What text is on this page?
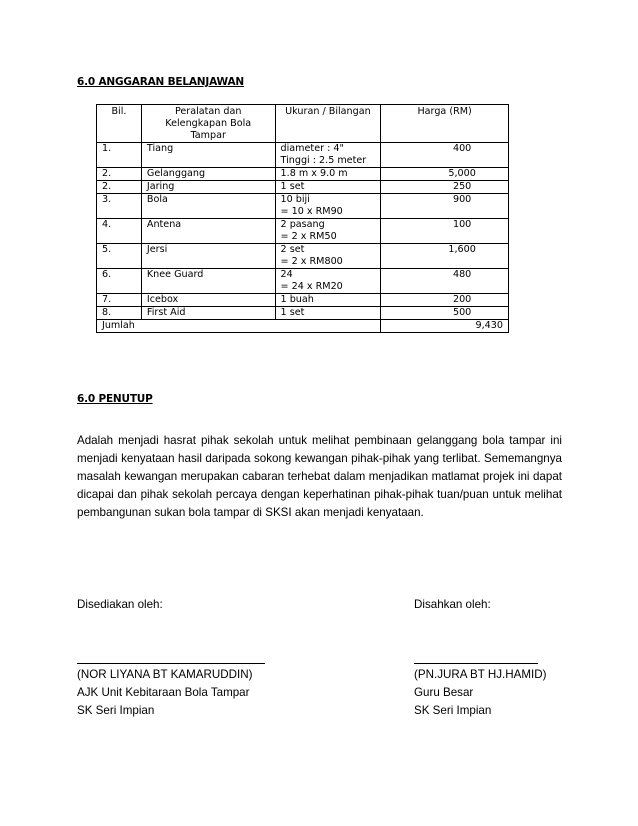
6.0 ANGGARAN BELANJAWAN
Bil.	Peralatan dan
Kelengkapan Bola
Tampar	Ukuran / Bilangan	Harga (RM)
1.	Tiang	diameter : 4"
Tinggi : 2.5 meter	400
2.	Gelanggang	1.8 m x 9.0 m	5,000
2.	Jaring	1 set	250
3.	Bola	10 biji
= 10 x RM90	900
4.	Antena	2 pasang
= 2 x RM50	100
5.	Jersi	2 set
= 2 x RM800	1,600
6.	Knee Guard	24
= 24 x RM20	480
7.	Icebox	1 buah	200
8.	First Aid	1 set	500
Jumlah			9,430
6.0 PENUTUP
Adalah menjadi hasrat pihak sekolah untuk melihat pembinaan gelanggang bola tampar ini menjadi kenyataan hasil daripada sokong kewangan pihak-pihak yang terlibat. Sememangnya masalah kewangan merupakan cabaran terhebat dalam menjadikan matlamat projek ini dapat dicapai dan pihak sekolah percaya dengan keperhatinan pihak-pihak tuan/puan untuk melihat pembangunan sukan bola tampar di SKSI akan menjadi kenyataan.
Disediakan oleh:	Disahkan oleh:
(NOR LIYANA BT KAMARUDDIN)
AJK Unit Kebitaraan Bola Tampar
SK Seri Impian
(PN.JURA BT HJ.HAMID)
Guru Besar
SK Seri Impian
